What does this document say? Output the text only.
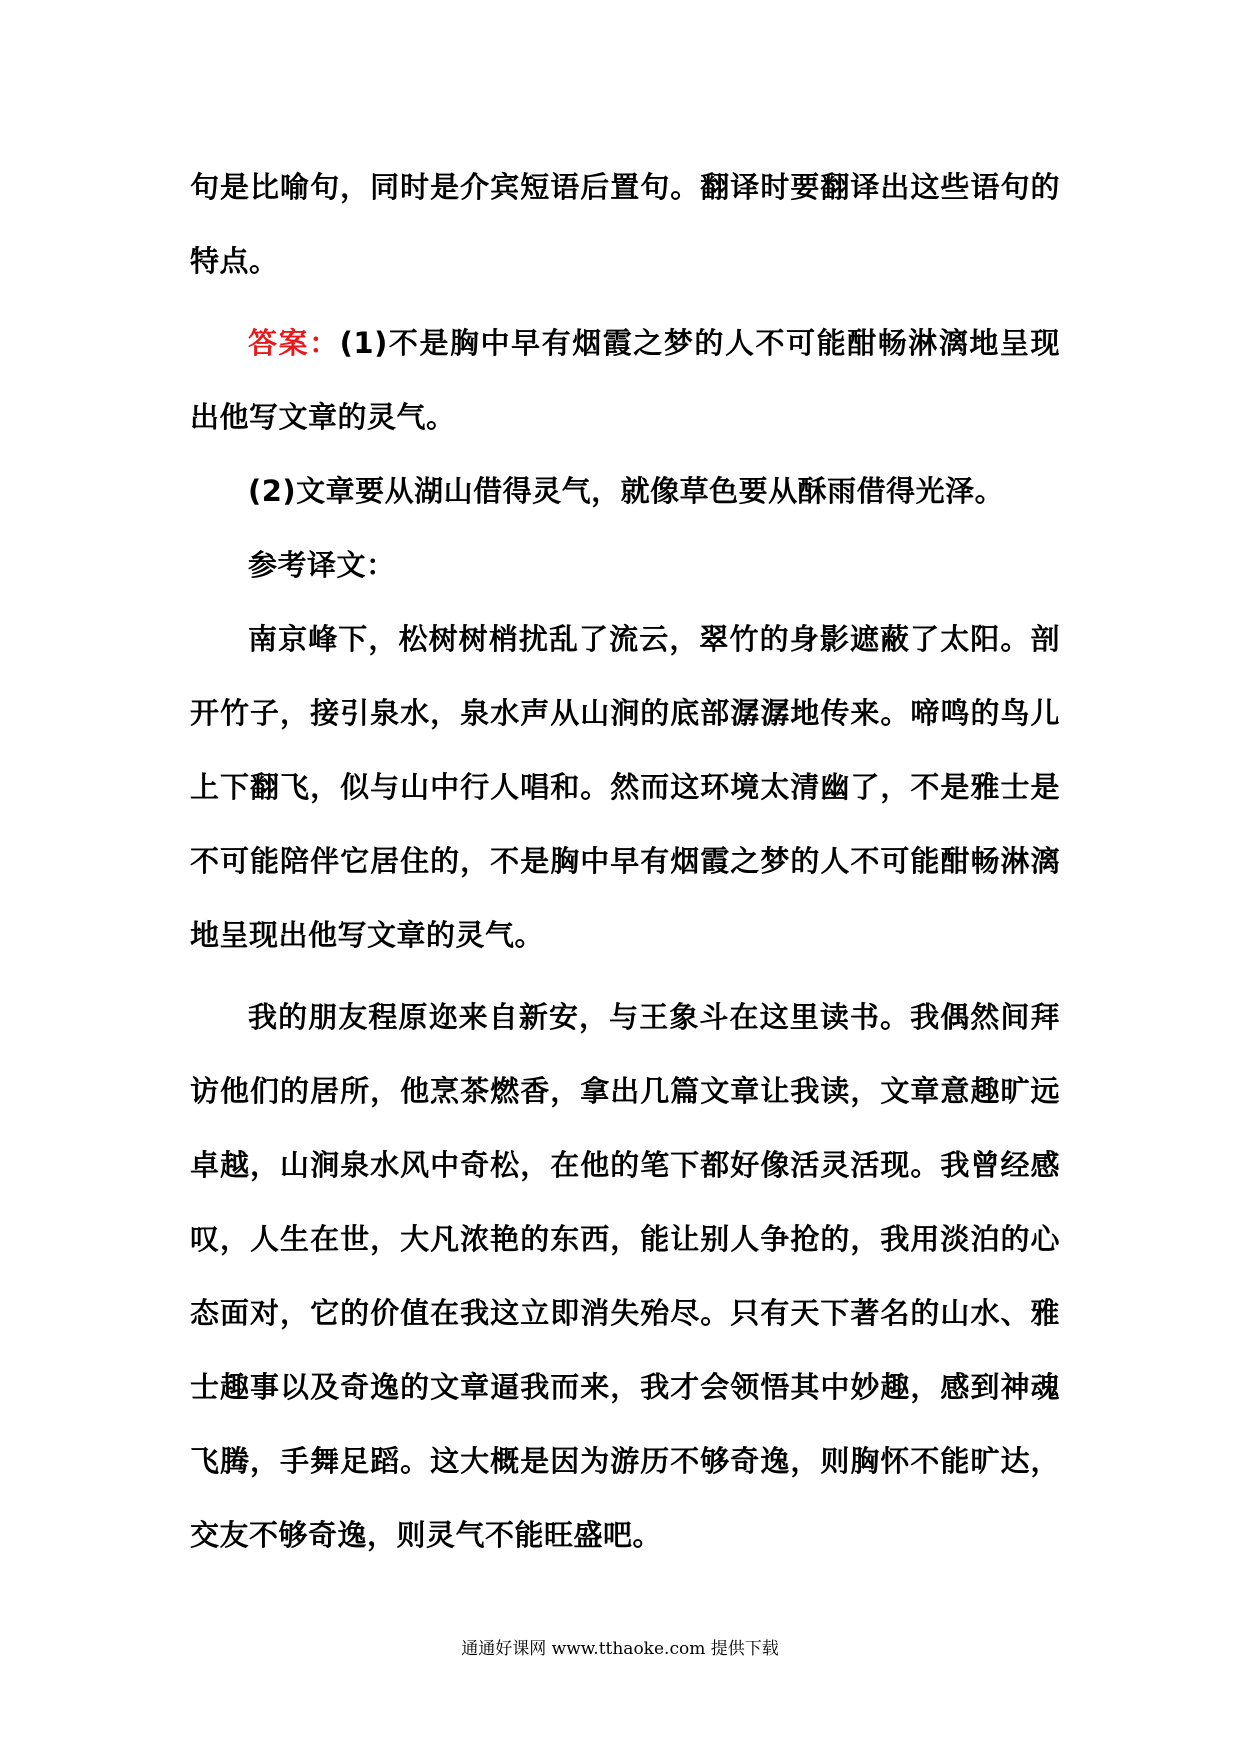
句是比喻句，同时是介宾短语后置句。翻译时要翻译出这些语句的特点。

答案：(1)不是胸中早有烟霞之梦的人不可能酣畅淋漓地呈现出他写文章的灵气。

(2)文章要从湖山借得灵气，就像草色要从酥雨借得光泽。

参考译文：

南京峰下，松树树梢扰乱了流云，翠竹的身影遮蔽了太阳。剖开竹子，接引泉水，泉水声从山涧的底部潺潺地传来。啼鸣的鸟儿上下翻飞，似与山中行人唱和。然而这环境太清幽了，不是雅士是不可能陪伴它居住的，不是胸中早有烟霞之梦的人不可能酣畅淋漓地呈现出他写文章的灵气。

我的朋友程原迩来自新安，与王象斗在这里读书。我偶然间拜访他们的居所，他烹茶燃香，拿出几篇文章让我读，文章意趣旷远卓越，山涧泉水风中奇松，在他的笔下都好像活灵活现。我曾经感叹，人生在世，大凡浓艳的东西，能让别人争抢的，我用淡泊的心态面对，它的价值在我这立即消失殆尽。只有天下著名的山水、雅士趣事以及奇逸的文章逼我而来，我才会领悟其中妙趣，感到神魂飞腾，手舞足蹈。这大概是因为游历不够奇逸，则胸怀不能旷达，交友不够奇逸，则灵气不能旺盛吧。

通通好课网 www.tthaoke.com 提供下载
